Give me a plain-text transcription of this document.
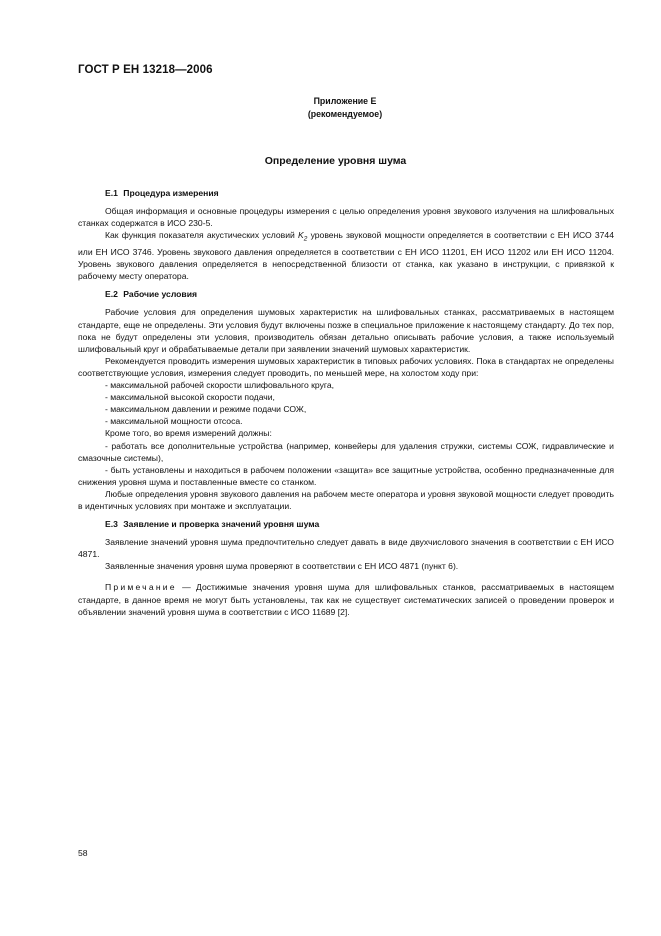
ГОСТ Р ЕН 13218—2006
Приложение Е
(рекомендуемое)
Определение уровня шума
Е.1 Процедура измерения

Общая информация и основные процедуры измерения с целью определения уровня звукового излучения на шлифовальных станках содержатся в ИСО 230-5.

Как функция показателя акустических условий $K_2$ уровень звуковой мощности определяется в соответствии с ЕН ИСО 3744 или ЕН ИСО 3746. Уровень звукового давления определяется в соответствии с ЕН ИСО 11201, ЕН ИСО 11202 или ЕН ИСО 11204. Уровень звукового давления определяется в непосредственной близости от станка, как указано в инструкции, с привязкой к рабочему месту оператора.

Е.2 Рабочие условия

Рабочие условия для определения шумовых характеристик на шлифовальных станках, рассматриваемых в настоящем стандарте, еще не определены. Эти условия будут включены позже в специальное приложение к настоящему стандарту. До тех пор, пока не будут определены эти условия, производитель обязан детально описывать рабочие условия, а также используемый шлифовальный круг и обрабатываемые детали при заявлении значений шумовых характеристик.

Рекомендуется проводить измерения шумовых характеристик в типовых рабочих условиях. Пока в стандартах не определены соответствующие условия, измерения следует проводить, по меньшей мере, на холостом ходу при:

- максимальной рабочей скорости шлифовального круга,
- максимальной высокой скорости подачи,
- максимальном давлении и режиме подачи СОЖ,
- максимальной мощности отсоса.

Кроме того, во время измерений должны:

- работать все дополнительные устройства (например, конвейеры для удаления стружки, системы СОЖ, гидравлические и смазочные системы),
- быть установлены и находиться в рабочем положении «защита» все защитные устройства, особенно предназначенные для снижения уровня шума и поставленные вместе со станком.

Любые определения уровня звукового давления на рабочем месте оператора и уровня звуковой мощности следует проводить в идентичных условиях при монтаже и эксплуатации.

Е.3 Заявление и проверка значений уровня шума

Заявление значений уровня шума предпочтительно следует давать в виде двухчислового значения в соответствии с ЕН ИСО 4871.

Заявленные значения уровня шума проверяют в соответствии с ЕН ИСО 4871 (пункт 6).

Примечание — Достижимые значения уровня шума для шлифовальных станков, рассматриваемых в настоящем стандарте, в данное время не могут быть установлены, так как не существует систематических записей о проведении проверок и объявлении значений уровня шума в соответствии с ИСО 11689 [2].

58
